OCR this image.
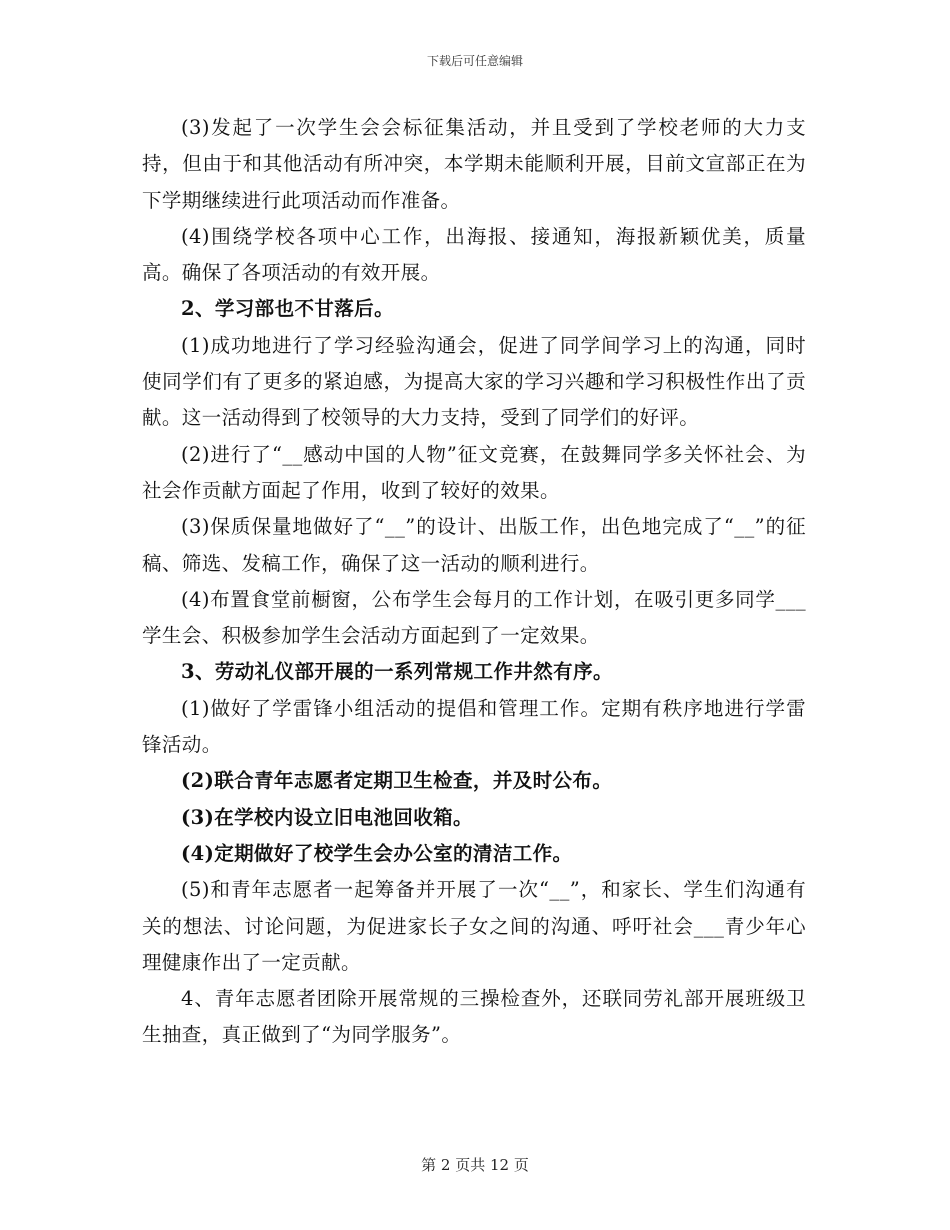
下载后可任意编辑

(3)发起了一次学生会会标征集活动，并且受到了学校老师的大力支持，但由于和其他活动有所冲突，本学期未能顺利开展，目前文宣部正在为下学期继续进行此项活动而作准备。

(4)围绕学校各项中心工作，出海报、接通知，海报新颖优美，质量高。确保了各项活动的有效开展。

2、学习部也不甘落后。

(1)成功地进行了学习经验沟通会，促进了同学间学习上的沟通，同时使同学们有了更多的紧迫感，为提高大家的学习兴趣和学习积极性作出了贡献。这一活动得到了校领导的大力支持，受到了同学们的好评。

(2)进行了“__感动中国的人物”征文竞赛，在鼓舞同学多关怀社会、为社会作贡献方面起了作用，收到了较好的效果。

(3)保质保量地做好了“__”的设计、出版工作，出色地完成了“__”的征稿、筛选、发稿工作，确保了这一活动的顺利进行。

(4)布置食堂前橱窗，公布学生会每月的工作计划，在吸引更多同学___学生会、积极参加学生会活动方面起到了一定效果。

3、劳动礼仪部开展的一系列常规工作井然有序。

(1)做好了学雷锋小组活动的提倡和管理工作。定期有秩序地进行学雷锋活动。

(2)联合青年志愿者定期卫生检查，并及时公布。

(3)在学校内设立旧电池回收箱。

(4)定期做好了校学生会办公室的清洁工作。

(5)和青年志愿者一起筹备并开展了一次“__”，和家长、学生们沟通有关的想法、讨论问题，为促进家长子女之间的沟通、呼吁社会___青少年心理健康作出了一定贡献。

4、青年志愿者团除开展常规的三操检查外，还联同劳礼部开展班级卫生抽查，真正做到了“为同学服务”。

第 2 页共 12 页
